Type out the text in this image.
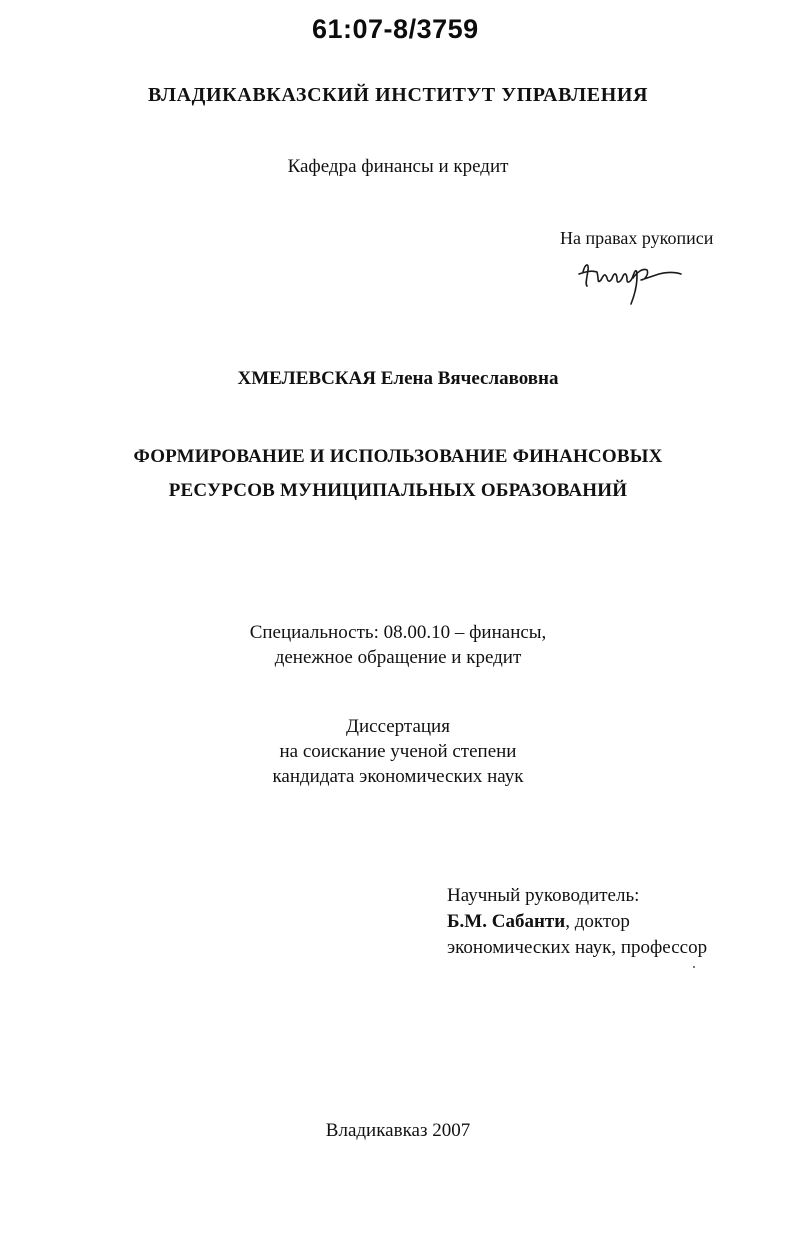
61:07-8/3759
ВЛАДИКАВКАЗСКИЙ ИНСТИТУТ УПРАВЛЕНИЯ
Кафедра финансы и кредит
На правах рукописи
ХМЕЛЕВСКАЯ Елена Вячеславовна
ФОРМИРОВАНИЕ И ИСПОЛЬЗОВАНИЕ ФИНАНСОВЫХ
РЕСУРСОВ МУНИЦИПАЛЬНЫХ ОБРАЗОВАНИЙ
Специальность: 08.00.10 – финансы,
денежное обращение и кредит
Диссертация
на соискание ученой степени
кандидата экономических наук
Научный руководитель:
Б.М. Сабанти, доктор
экономических наук, профессор
Владикавказ 2007
